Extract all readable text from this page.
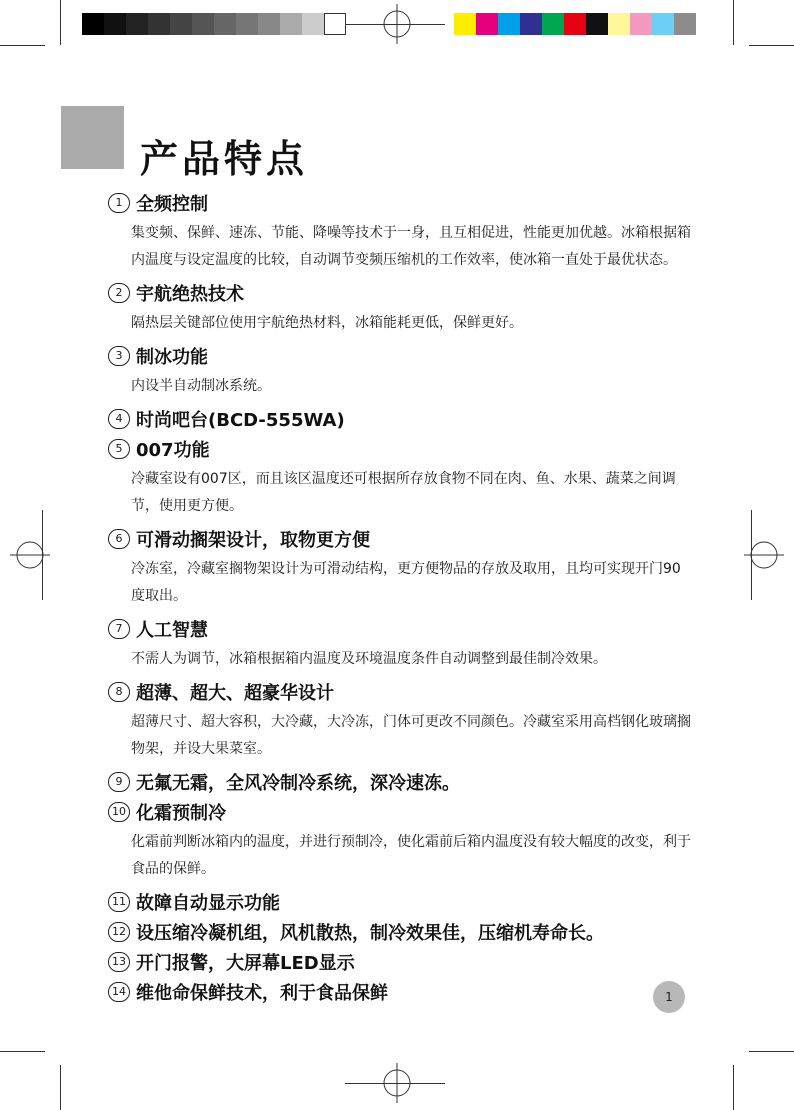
产品特点
1 全频控制

集变频、保鲜、速冻、节能、降噪等技术于一身，且互相促进，性能更加优越。冰箱根据箱内温度与设定温度的比较，自动调节变频压缩机的工作效率，使冰箱一直处于最优状态。

2 宇航绝热技术

隔热层关键部位使用宇航绝热材料，冰箱能耗更低，保鲜更好。

3 制冰功能

内设半自动制冰系统。

4 时尚吧台(BCD-555WA)
5 007功能

冷藏室设有007区，而且该区温度还可根据所存放食物不同在肉、鱼、水果、蔬菜之间调节，使用更方便。

6 可滑动搁架设计，取物更方便

冷冻室，冷藏室搁物架设计为可滑动结构，更方便物品的存放及取用，且均可实现开门90度取出。

7 人工智慧

不需人为调节，冰箱根据箱内温度及环境温度条件自动调整到最佳制冷效果。

8 超薄、超大、超豪华设计

超薄尺寸、超大容积，大冷藏，大冷冻，门体可更改不同颜色。冷藏室采用高档钢化玻璃搁物架，并设大果菜室。

9 无氟无霜，全风冷制冷系统，深冷速冻。
10 化霜预制冷

化霜前判断冰箱内的温度，并进行预制冷，使化霜前后箱内温度没有较大幅度的改变，利于食品的保鲜。

11 故障自动显示功能
12 设压缩冷凝机组，风机散热，制冷效果佳，压缩机寿命长。
13 开门报警，大屏幕LED显示
14 维他命保鲜技术，利于食品保鲜	1
